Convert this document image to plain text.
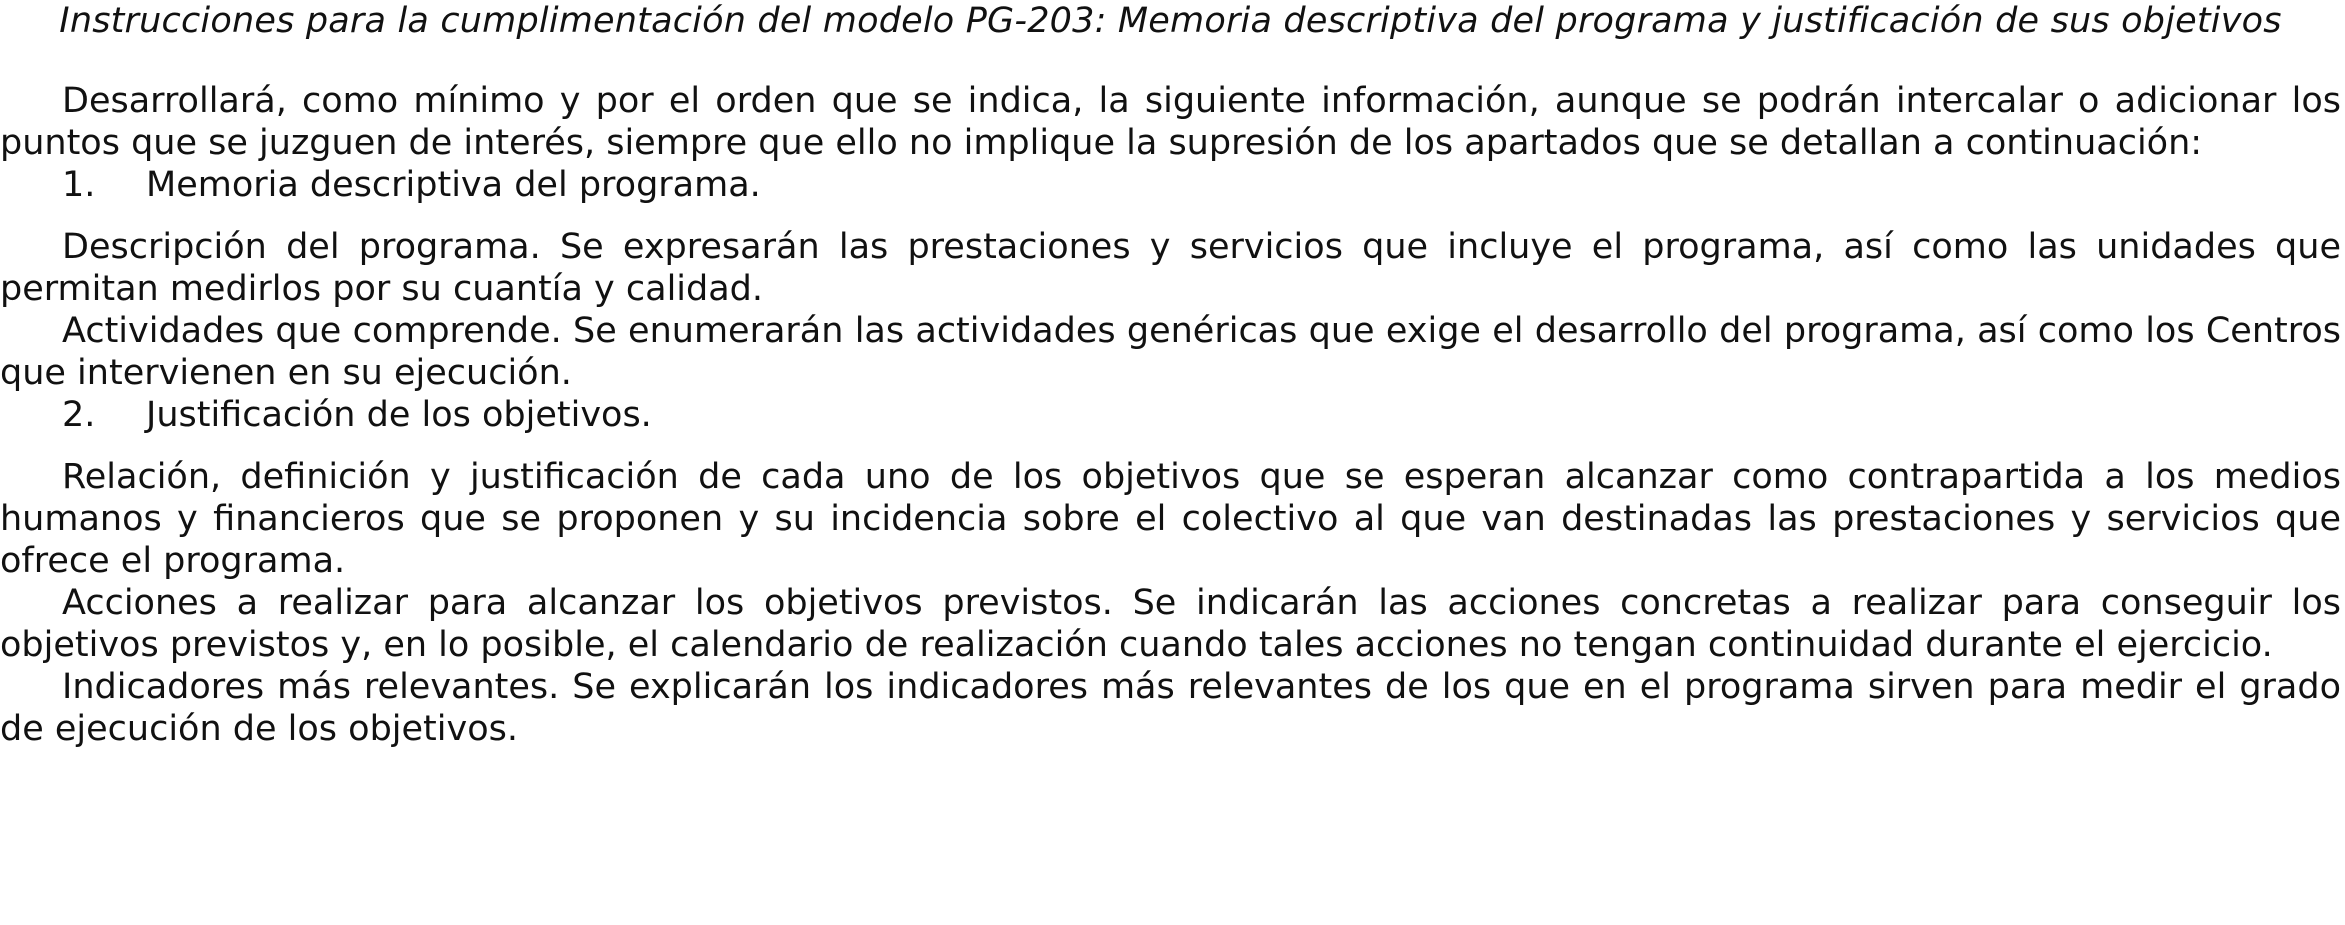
Instrucciones para la cumplimentación del modelo PG-203: Memoria descriptiva del programa y justificación de sus objetivos

Desarrollará, como mínimo y por el orden que se indica, la siguiente información, aunque se podrán intercalar o adicionar los puntos que se juzguen de interés, siempre que ello no implique la supresión de los apartados que se detallan a continuación:

1.	Memoria descriptiva del programa.

Descripción del programa. Se expresarán las prestaciones y servicios que incluye el programa, así como las unidades que permitan medirlos por su cuantía y calidad.

Actividades que comprende. Se enumerarán las actividades genéricas que exige el desarrollo del programa, así como los Centros que intervienen en su ejecución.

2.	Justificación de los objetivos.

Relación, definición y justificación de cada uno de los objetivos que se esperan alcanzar como contrapartida a los medios humanos y financieros que se proponen y su incidencia sobre el colectivo al que van destinadas las prestaciones y servicios que ofrece el programa.

Acciones a realizar para alcanzar los objetivos previstos. Se indicarán las acciones concretas a realizar para conseguir los objetivos previstos y, en lo posible, el calendario de realización cuando tales acciones no tengan continuidad durante el ejercicio.

Indicadores más relevantes. Se explicarán los indicadores más relevantes de los que en el programa sirven para medir el grado de ejecución de los objetivos.
